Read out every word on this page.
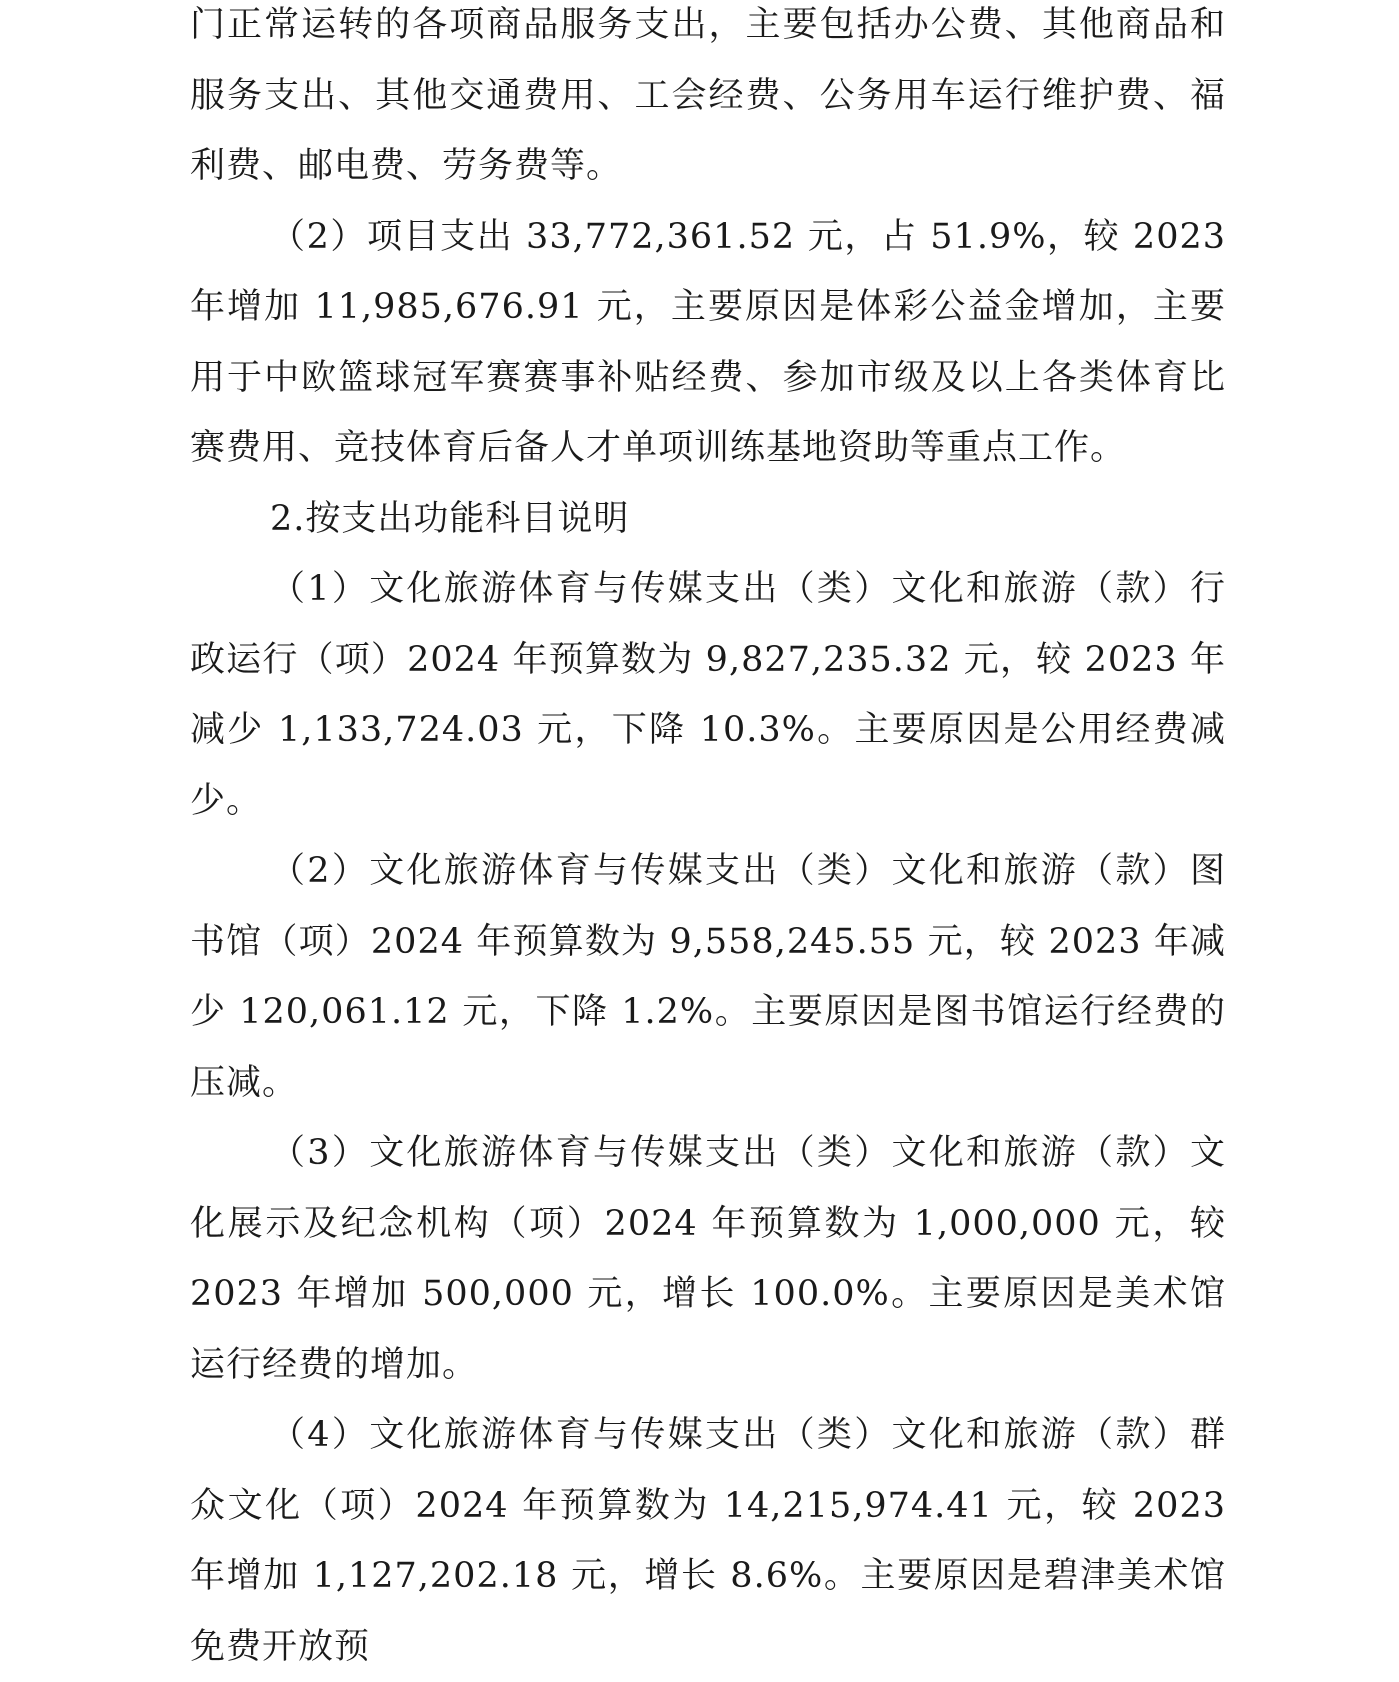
门正常运转的各项商品服务支出，主要包括办公费、其他商品和服务支出、其他交通费用、工会经费、公务用车运行维护费、福利费、邮电费、劳务费等。

（2）项目支出 33,772,361.52 元，占 51.9%，较 2023 年增加 11,985,676.91 元，主要原因是体彩公益金增加，主要用于中欧篮球冠军赛赛事补贴经费、参加市级及以上各类体育比赛费用、竞技体育后备人才单项训练基地资助等重点工作。

2.按支出功能科目说明

（1）文化旅游体育与传媒支出（类）文化和旅游（款）行政运行（项）2024 年预算数为 9,827,235.32 元，较 2023 年减少 1,133,724.03 元，下降 10.3%。主要原因是公用经费减少。

（2）文化旅游体育与传媒支出（类）文化和旅游（款）图书馆（项）2024 年预算数为 9,558,245.55 元，较 2023 年减少 120,061.12 元，下降 1.2%。主要原因是图书馆运行经费的压减。

（3）文化旅游体育与传媒支出（类）文化和旅游（款）文化展示及纪念机构（项）2024 年预算数为 1,000,000 元，较 2023 年增加 500,000 元，增长 100.0%。主要原因是美术馆运行经费的增加。

（4）文化旅游体育与传媒支出（类）文化和旅游（款）群众文化（项）2024 年预算数为 14,215,974.41 元，较 2023 年增加 1,127,202.18 元，增长 8.6%。主要原因是碧津美术馆免费开放预
